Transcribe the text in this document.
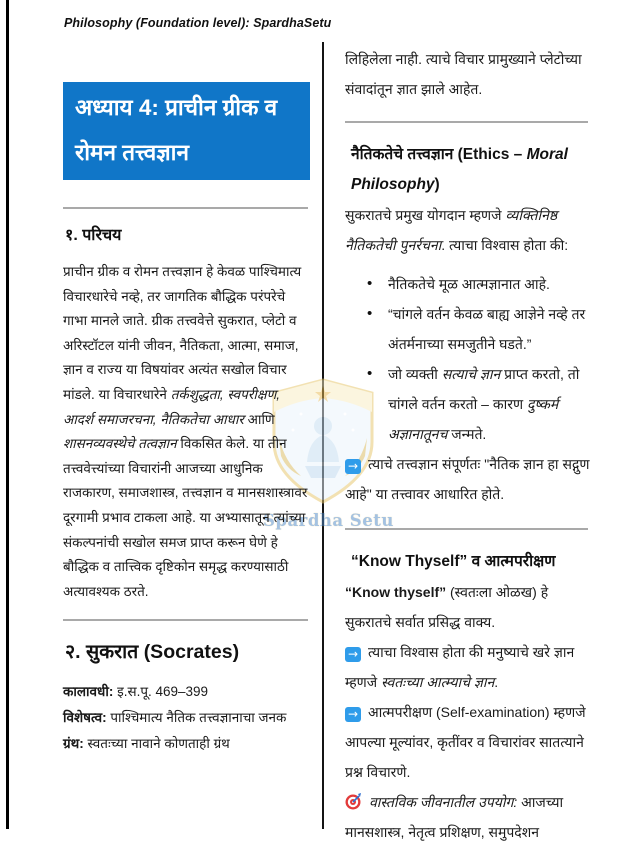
Philosophy (Foundation level): SpardhaSetu
Spardha Setu
अध्याय 4: प्राचीन ग्रीक व रोमन तत्त्वज्ञान
१. परिचय

प्राचीन ग्रीक व रोमन तत्त्वज्ञान हे केवळ पाश्चिमात्य विचारधारेचे नव्हे, तर जागतिक बौद्धिक परंपरेचे गाभा मानले जाते. ग्रीक तत्त्ववेत्ते सुकरात, प्लेटो व अरिस्टॉटल यांनी जीवन, नैतिकता, आत्मा, समाज, ज्ञान व राज्य या विषयांवर अत्यंत सखोल विचार मांडले. या विचारधारेने तर्कशुद्धता, स्वपरीक्षण, आदर्श समाजरचना, नैतिकतेचा आधार आणि शासनव्यवस्थेचे तत्वज्ञान विकसित केले. या तीन तत्त्ववेत्त्यांच्या विचारांनी आजच्या आधुनिक राजकारण, समाजशास्त्र, तत्त्वज्ञान व मानसशास्त्रावर दूरगामी प्रभाव टाकला आहे. या अभ्यासातून त्यांच्या संकल्पनांची सखोल समज प्राप्त करून घेणे हे बौद्धिक व तात्त्विक दृष्टिकोन समृद्ध करण्यासाठी अत्यावश्यक ठरते.

२. सुकरात (Socrates)
कालावधी: इ.स.पू. 469–399
विशेषत्व: पाश्चिमात्य नैतिक तत्त्वज्ञानाचा जनक
ग्रंथ: स्वतःच्या नावाने कोणताही ग्रंथ

लिहिलेला नाही. त्याचे विचार प्रामुख्याने प्लेटोच्या संवादांतून ज्ञात झाले आहेत.

नैतिकतेचे तत्त्वज्ञान (Ethics – Moral Philosophy)

सुकरातचे प्रमुख योगदान म्हणजे व्यक्तिनिष्ठ नैतिकतेची पुनर्रचना. त्याचा विश्वास होता की:

• नैतिकतेचे मूळ आत्मज्ञानात आहे.
• “चांगले वर्तन केवळ बाह्य आज्ञेने नव्हे तर अंतर्मनाच्या समजुतीने घडते.”
• जो व्यक्ती सत्याचे ज्ञान प्राप्त करतो, तो चांगले वर्तन करतो – कारण दुष्कर्म अज्ञानातूनच जन्मते.

→ त्याचे तत्त्वज्ञान संपूर्णतः "नैतिक ज्ञान हा सद्गुण आहे" या तत्त्वावर आधारित होते.

“Know Thyself” व आत्मपरीक्षण

“Know thyself” (स्वतःला ओळख) हे सुकरातचे सर्वात प्रसिद्ध वाक्य.

→ त्याचा विश्वास होता की मनुष्याचे खरे ज्ञान म्हणजे स्वतःच्या आत्म्याचे ज्ञान.

→ आत्मपरीक्षण (Self-examination) म्हणजे आपल्या मूल्यांवर, कृतींवर व विचारांवर सातत्याने प्रश्न विचारणे.

वास्तविक जीवनातील उपयोग: आजच्या मानसशास्त्र, नेतृत्व प्रशिक्षण, समुपदेशन
